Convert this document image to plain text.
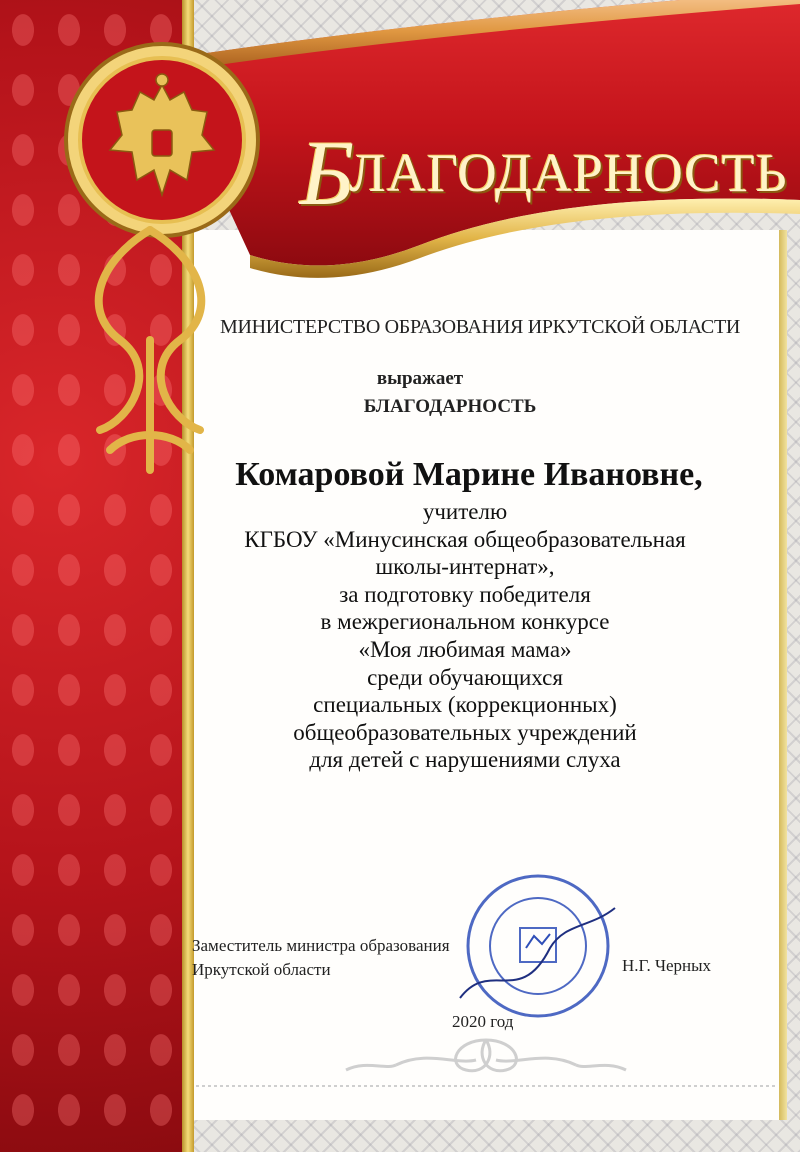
Б
ЛАГОДАРНОСТЬ
МИНИСТЕРСТВО ОБРАЗОВАНИЯ ИРКУТСКОЙ ОБЛАСТИ
выражает
БЛАГОДАРНОСТЬ
Комаровой Марине Ивановне,
учителю
КГБОУ «Минусинская общеобразовательная
школы-интернат»,
за подготовку победителя
в межрегиональном конкурсе
«Моя любимая мама»
среди обучающихся
специальных (коррекционных)
общеобразовательных учреждений
для детей с нарушениями слуха
Заместитель министра образования
Иркутской области	Н.Г. Черных
2020 год
